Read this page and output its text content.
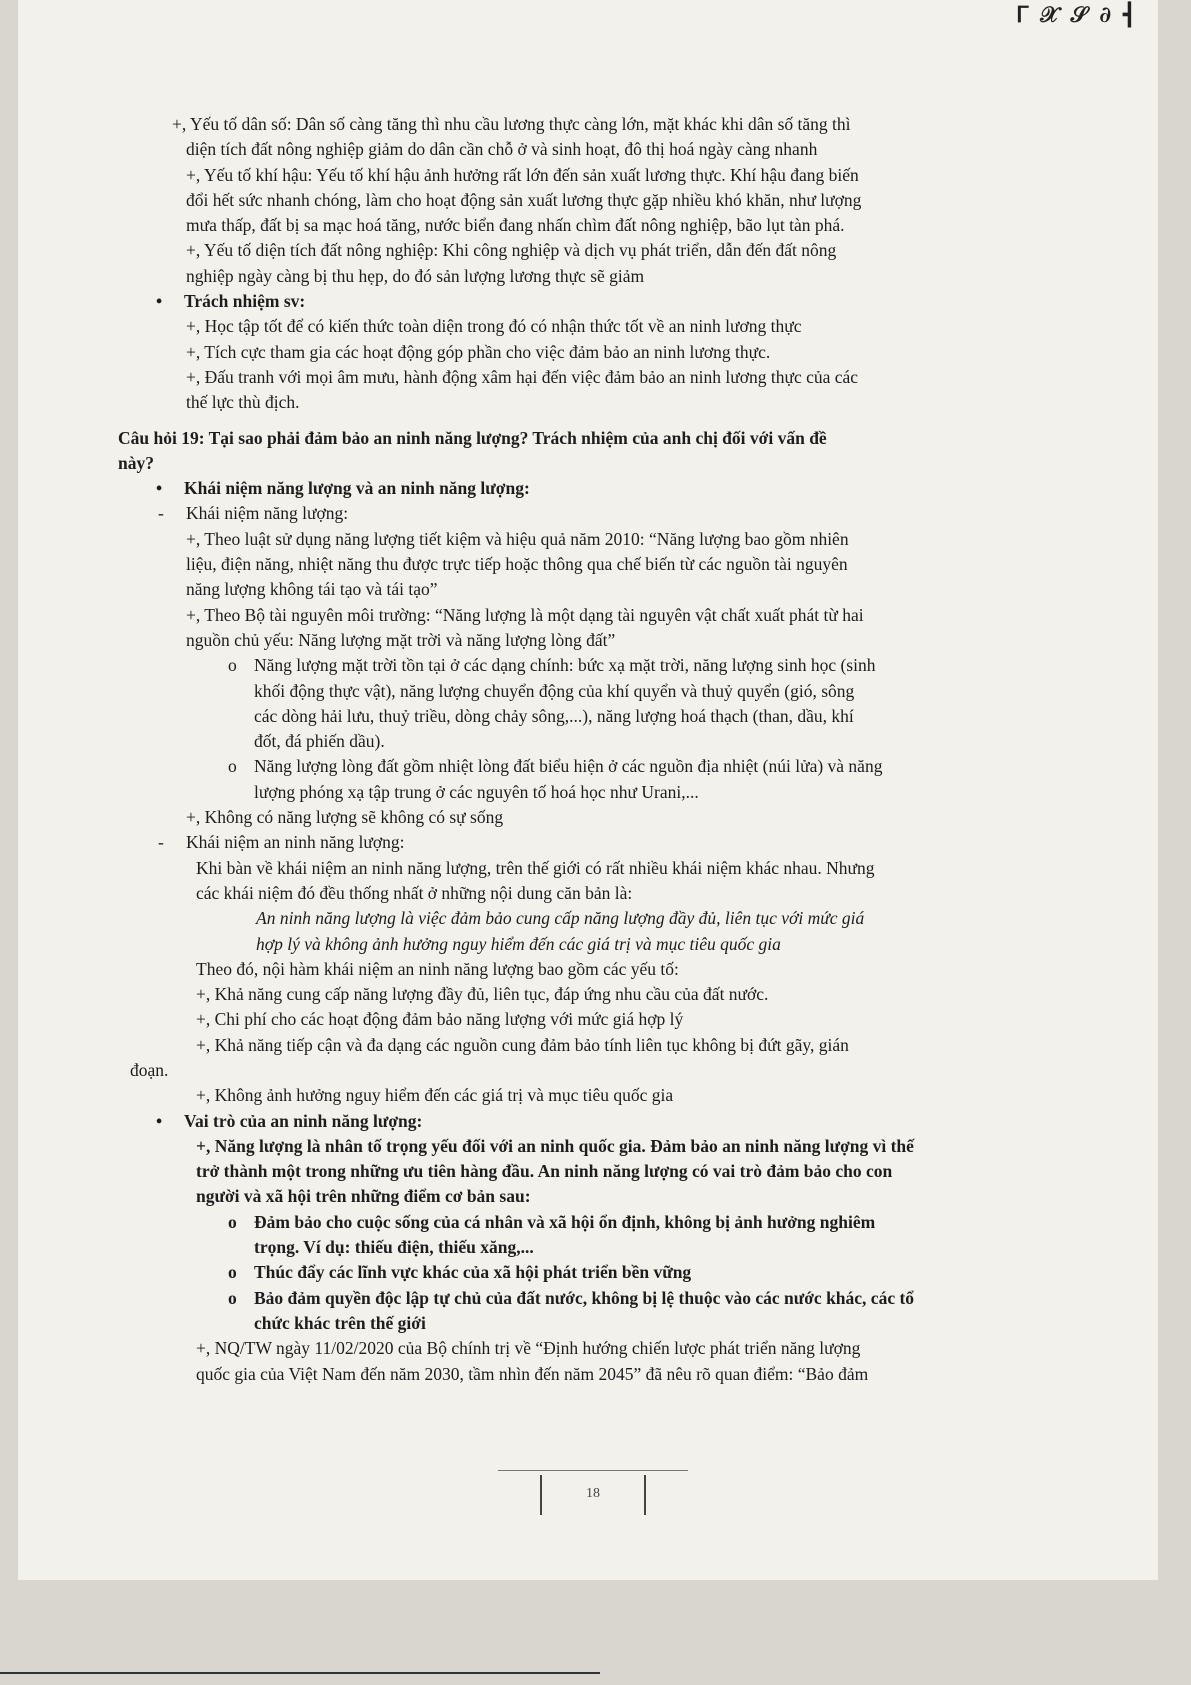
ᒥ 𝒳 𝒮 ∂ ┫

+, Yếu tố dân số: Dân số càng tăng thì nhu cầu lương thực càng lớn, mặt khác khi dân số tăng thì

diện tích đất nông nghiệp giảm do dân cần chỗ ở và sinh hoạt, đô thị hoá ngày càng nhanh

+, Yếu tố khí hậu: Yếu tố khí hậu ảnh hưởng rất lớn đến sản xuất lương thực. Khí hậu đang biến

đổi hết sức nhanh chóng, làm cho hoạt động sản xuất lương thực gặp nhiều khó khăn, như lượng

mưa thấp, đất bị sa mạc hoá tăng, nước biển đang nhấn chìm đất nông nghiệp, bão lụt tàn phá.

+, Yếu tố diện tích đất nông nghiệp: Khi công nghiệp và dịch vụ phát triển, dẫn đến đất nông

nghiệp ngày càng bị thu hẹp, do đó sản lượng lương thực sẽ giảm

• Trách nhiệm sv:

+, Học tập tốt để có kiến thức toàn diện trong đó có nhận thức tốt về an ninh lương thực

+, Tích cực tham gia các hoạt động góp phần cho việc đảm bảo an ninh lương thực.

+, Đấu tranh với mọi âm mưu, hành động xâm hại đến việc đảm bảo an ninh lương thực của các

thế lực thù địch.

Câu hỏi 19: Tại sao phải đảm bảo an ninh năng lượng? Trách nhiệm của anh chị đối với vấn đề

này?

• Khái niệm năng lượng và an ninh năng lượng:

- Khái niệm năng lượng:

+, Theo luật sử dụng năng lượng tiết kiệm và hiệu quả năm 2010: “Năng lượng bao gồm nhiên

liệu, điện năng, nhiệt năng thu được trực tiếp hoặc thông qua chế biến từ các nguồn tài nguyên

năng lượng không tái tạo và tái tạo”

+, Theo Bộ tài nguyên môi trường: “Năng lượng là một dạng tài nguyên vật chất xuất phát từ hai

nguồn chủ yếu: Năng lượng mặt trời và năng lượng lòng đất”

o Năng lượng mặt trời tồn tại ở các dạng chính: bức xạ mặt trời, năng lượng sinh học (sinh

khối động thực vật), năng lượng chuyển động của khí quyển và thuỷ quyển (gió, sông

các dòng hải lưu, thuỷ triều, dòng chảy sông,...), năng lượng hoá thạch (than, dầu, khí

đốt, đá phiến dầu).

o Năng lượng lòng đất gồm nhiệt lòng đất biểu hiện ở các nguồn địa nhiệt (núi lửa) và năng

lượng phóng xạ tập trung ở các nguyên tố hoá học như Urani,...

+, Không có năng lượng sẽ không có sự sống

- Khái niệm an ninh năng lượng:

Khi bàn về khái niệm an ninh năng lượng, trên thế giới có rất nhiều khái niệm khác nhau. Nhưng

các khái niệm đó đều thống nhất ở những nội dung căn bản là:

An ninh năng lượng là việc đảm bảo cung cấp năng lượng đầy đủ, liên tục với mức giá

hợp lý và không ảnh hưởng nguy hiểm đến các giá trị và mục tiêu quốc gia

Theo đó, nội hàm khái niệm an ninh năng lượng bao gồm các yếu tố:

+, Khả năng cung cấp năng lượng đầy đủ, liên tục, đáp ứng nhu cầu của đất nước.

+, Chi phí cho các hoạt động đảm bảo năng lượng với mức giá hợp lý

+, Khả năng tiếp cận và đa dạng các nguồn cung đảm bảo tính liên tục không bị đứt gãy, gián

đoạn.

+, Không ảnh hưởng nguy hiểm đến các giá trị và mục tiêu quốc gia

• Vai trò của an ninh năng lượng:

+, Năng lượng là nhân tố trọng yếu đối với an ninh quốc gia. Đảm bảo an ninh năng lượng vì thế

trở thành một trong những ưu tiên hàng đầu. An ninh năng lượng có vai trò đảm bảo cho con

người và xã hội trên những điểm cơ bản sau:

o Đảm bảo cho cuộc sống của cá nhân và xã hội ổn định, không bị ảnh hưởng nghiêm

trọng. Ví dụ: thiếu điện, thiếu xăng,...

o Thúc đẩy các lĩnh vực khác của xã hội phát triển bền vững

o Bảo đảm quyền độc lập tự chủ của đất nước, không bị lệ thuộc vào các nước khác, các tổ

chức khác trên thế giới

+, NQ/TW ngày 11/02/2020 của Bộ chính trị về “Định hướng chiến lược phát triển năng lượng

quốc gia của Việt Nam đến năm 2030, tầm nhìn đến năm 2045” đã nêu rõ quan điểm: “Bảo đảm

18
